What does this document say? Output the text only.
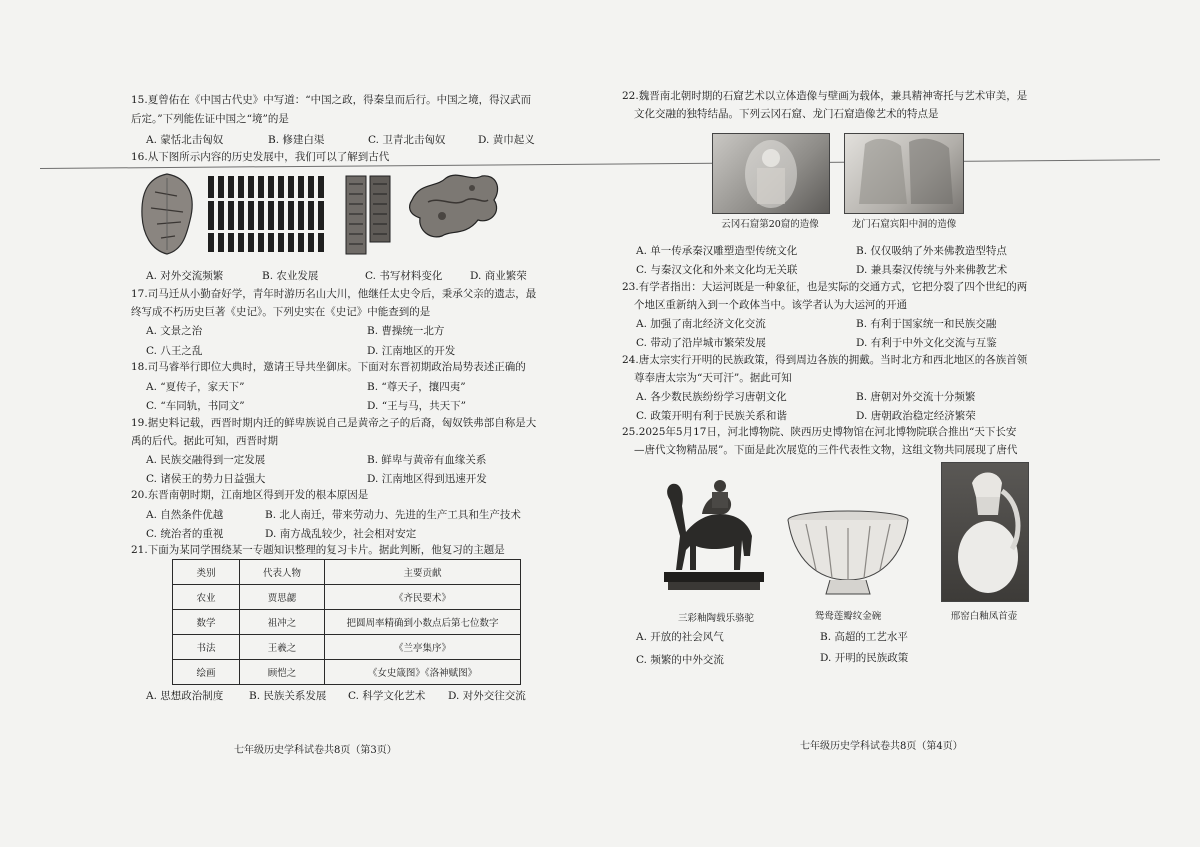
15.夏曾佑在《中国古代史》中写道：“中国之政，得秦皇而后行。中国之境，得汉武而
后定。”下列能佐证中国之“境”的是
A. 蒙恬北击匈奴	B. 修建白渠	C. 卫青北击匈奴	D. 黄巾起义
16.从下图所示内容的历史发展中，我们可以了解到古代
A. 对外交流频繁	B. 农业发展	C. 书写材料变化	D. 商业繁荣
17.司马迁从小勤奋好学，青年时游历名山大川，他继任太史令后，秉承父亲的遗志，最
终写成不朽历史巨著《史记》。下列史实在《史记》中能查到的是
A. 文景之治	B. 曹操统一北方
C. 八王之乱	D. 江南地区的开发
18.司马睿举行即位大典时，邀请王导共坐御床。下面对东晋初期政治局势表述正确的
A. “夏传子，家天下”	B. “尊天子，攘四夷”
C. “车同轨，书同文”	D. “王与马，共天下”
19.据史料记载，西晋时期内迁的鲜卑族说自己是黄帝之子的后裔，匈奴铁弗部自称是大
禹的后代。据此可知，西晋时期
A. 民族交融得到一定发展	B. 鲜卑与黄帝有血缘关系
C. 诸侯王的势力日益强大	D. 江南地区得到迅速开发
20.东晋南朝时期，江南地区得到开发的根本原因是
A. 自然条件优越	B. 北人南迁，带来劳动力、先进的生产工具和生产技术
C. 统治者的重视	D. 南方战乱较少，社会相对安定
21.下面为某同学围绕某一专题知识整理的复习卡片。据此判断，他复习的主题是
类别	代表人物	主要贡献
农业	贾思勰	《齐民要术》
数学	祖冲之	把圆周率精确到小数点后第七位数字
书法	王羲之	《兰亭集序》
绘画	顾恺之	《女史箴图》《洛神赋图》
A. 思想政治制度 B. 民族关系发展 C. 科学文化艺术 D. 对外交往交流
七年级历史学科试卷共8页（第3页）
22.魏晋南北朝时期的石窟艺术以立体造像与壁画为载体，兼具精神寄托与艺术审美，是
文化交融的独特结晶。下列云冈石窟、龙门石窟造像艺术的特点是
云冈石窟第20窟的造像	龙门石窟宾阳中洞的造像
A. 单一传承秦汉雕塑造型传统文化	B. 仅仅吸纳了外来佛教造型特点
C. 与秦汉文化和外来文化均无关联	D. 兼具秦汉传统与外来佛教艺术
23.有学者指出：大运河既是一种象征，也是实际的交通方式，它把分裂了四个世纪的两
个地区重新纳入到一个政体当中。该学者认为大运河的开通
A. 加强了南北经济文化交流	B. 有利于国家统一和民族交融
C. 带动了沿岸城市繁荣发展	D. 有利于中外文化交流与互鉴
24.唐太宗实行开明的民族政策，得到周边各族的拥戴。当时北方和西北地区的各族首领
尊奉唐太宗为“天可汗”。据此可知
A. 各少数民族纷纷学习唐朝文化	B. 唐朝对外交流十分频繁
C. 政策开明有利于民族关系和谐	D. 唐朝政治稳定经济繁荣
25.2025年5月17日，河北博物院、陕西历史博物馆在河北博物院联合推出“天下长安
—唐代文物精品展”。下面是此次展览的三件代表性文物，这组文物共同展现了唐代
三彩釉陶载乐骆驼	鸳鸯莲瓣纹金碗	邢窑白釉凤首壶
A. 开放的社会风气	B. 高超的工艺水平
C. 频繁的中外交流	D. 开明的民族政策
七年级历史学科试卷共8页（第4页）
